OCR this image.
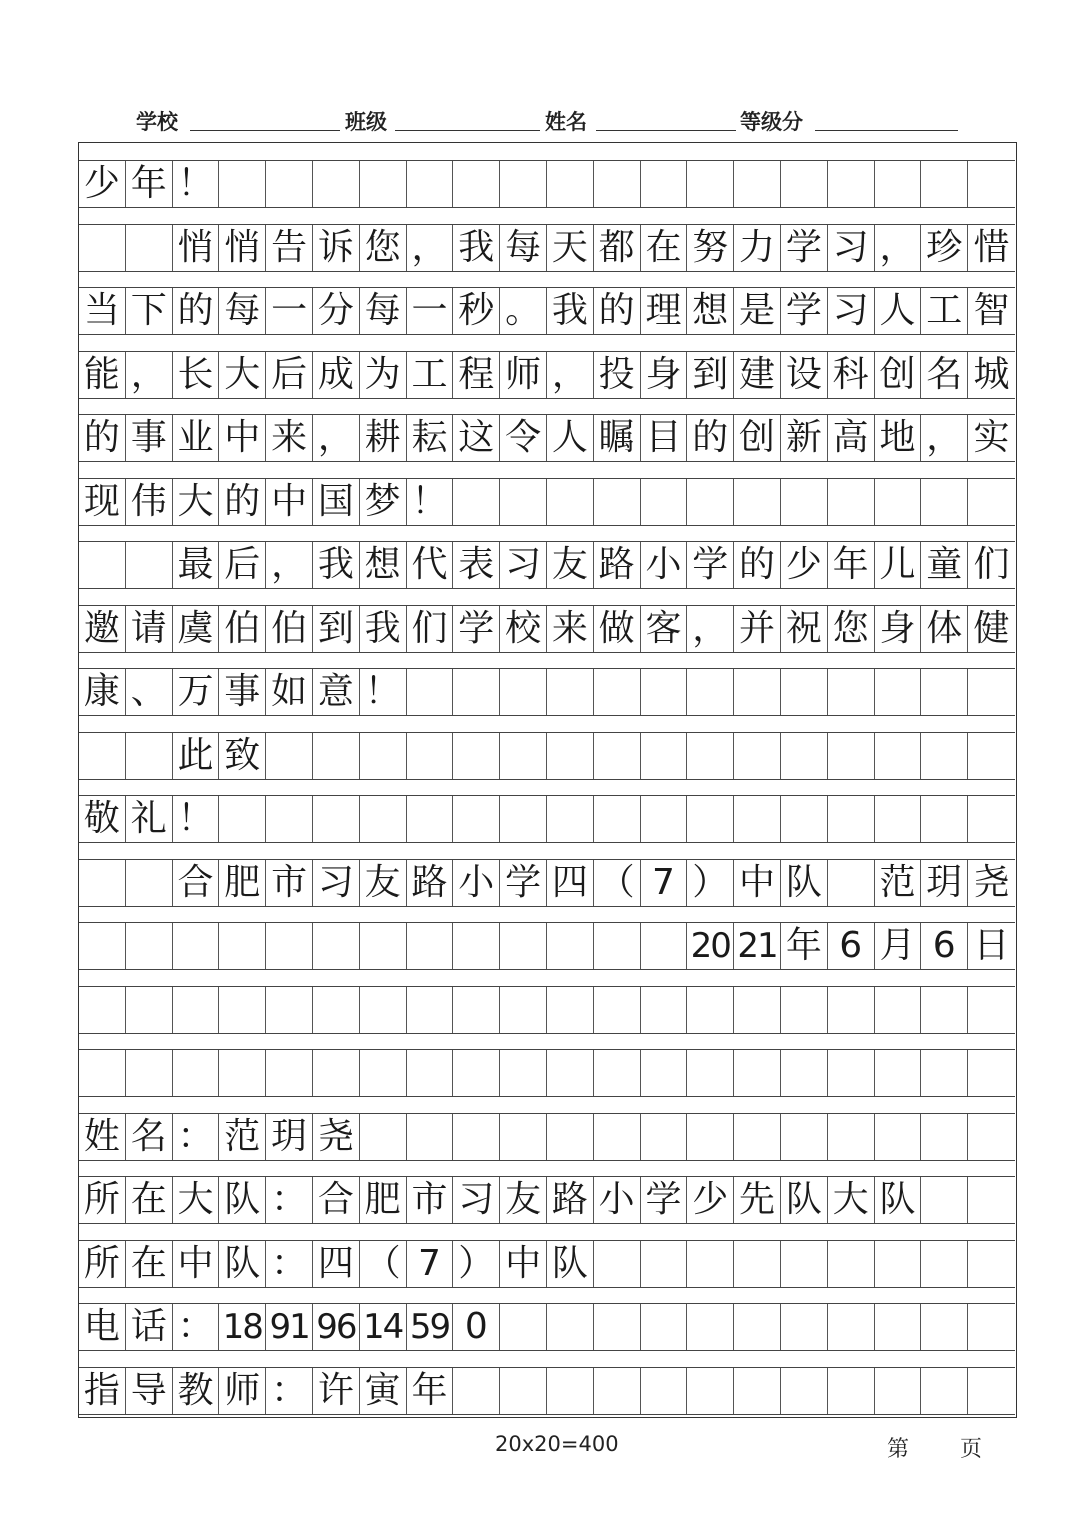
学校	班级	姓名	等级分
少 年 ！
悄 悄 告 诉 您 ， 我 每 天 都 在 努 力 学 习 ， 珍 惜
当 下 的 每 一 分 每 一 秒 。 我 的 理 想 是 学 习 人 工 智
能 ， 长 大 后 成 为 工 程 师 ， 投 身 到 建 设 科 创 名 城
的 事 业 中 来 ， 耕 耘 这 令 人 瞩 目 的 创 新 高 地 ， 实
现 伟 大 的 中 国 梦 ！
最 后 ， 我 想 代 表 习 友 路 小 学 的 少 年 儿 童 们
邀 请 虞 伯 伯 到 我 们 学 校 来 做 客 ， 并 祝 您 身 体 健
康 、 万 事 如 意 ！
此 致
敬 礼 ！
合 肥 市 习 友 路 小 学 四 （ 7 ） 中 队 范 玥 尧
20 21 年 6 月 6 日
姓 名 ： 范 玥 尧
所 在 大 队 ： 合 肥 市 习 友 路 小 学 少 先 队 大 队
所 在 中 队 ： 四 （ 7 ） 中 队
电 话 ： 18 91 96 14 59 0
指 导 教 师 ： 许 寅 年
20x20=400	第 页
